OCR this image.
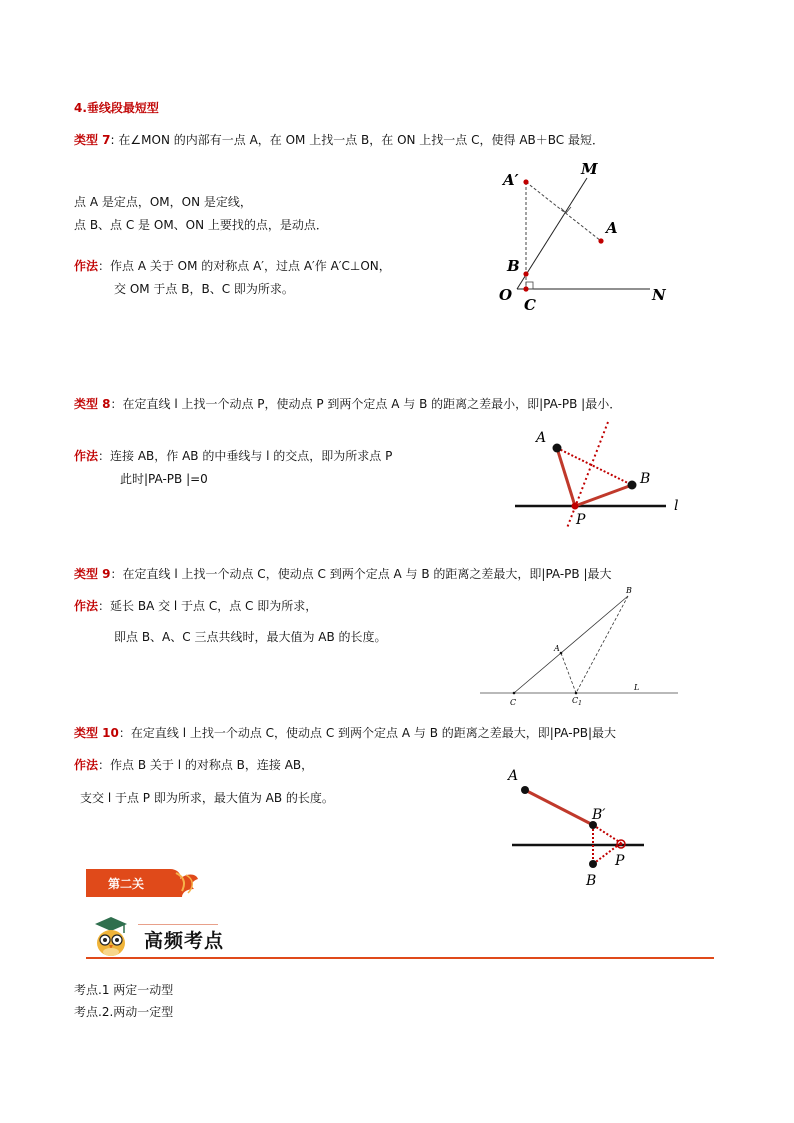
4.垂线段最短型
类型 7: 在∠MON 的内部有一点 A，在 OM 上找一点 B，在 ON 上找一点 C，使得 AB＋BC 最短．
点 A 是定点，OM，ON 是定线，
点 B、点 C 是 OM、ON 上要找的点，是动点．
作法：作点 A 关于 OM 的对称点 A′，过点 A′作 A′C⊥ON，
交 OM 于点 B，B、C 即为所求。
A′
M
A
B
O
C
N
类型 8：在定直线 l 上找一个动点 P，使动点 P 到两个定点 A 与 B 的距离之差最小，即|PA-PB |最小．
作法：连接 AB，作 AB 的中垂线与 l 的交点，即为所求点 P
此时|PA-PB |=0
A
B
P
l
类型 9：在定直线 l 上找一个动点 C，使动点 C 到两个定点 A 与 B 的距离之差最大，即|PA-PB |最大
作法：延长 BA 交 l 于点 C，点 C 即为所求，
即点 B、A、C 三点共线时，最大值为 AB 的长度。
A
B
C	$C_1$
L
类型 10：在定直线 l 上找一个动点 C，使动点 C 到两个定点 A 与 B 的距离之差最大，即|PA-PB|最大
作法：作点 B 关于 l 的对称点 B，连接 AB，
支交 l 于点 P 即为所求，最大值为 AB 的长度。
A
B′
P
B
第二关
高频考点
考点.1 两定一动型
考点.2.两动一定型
